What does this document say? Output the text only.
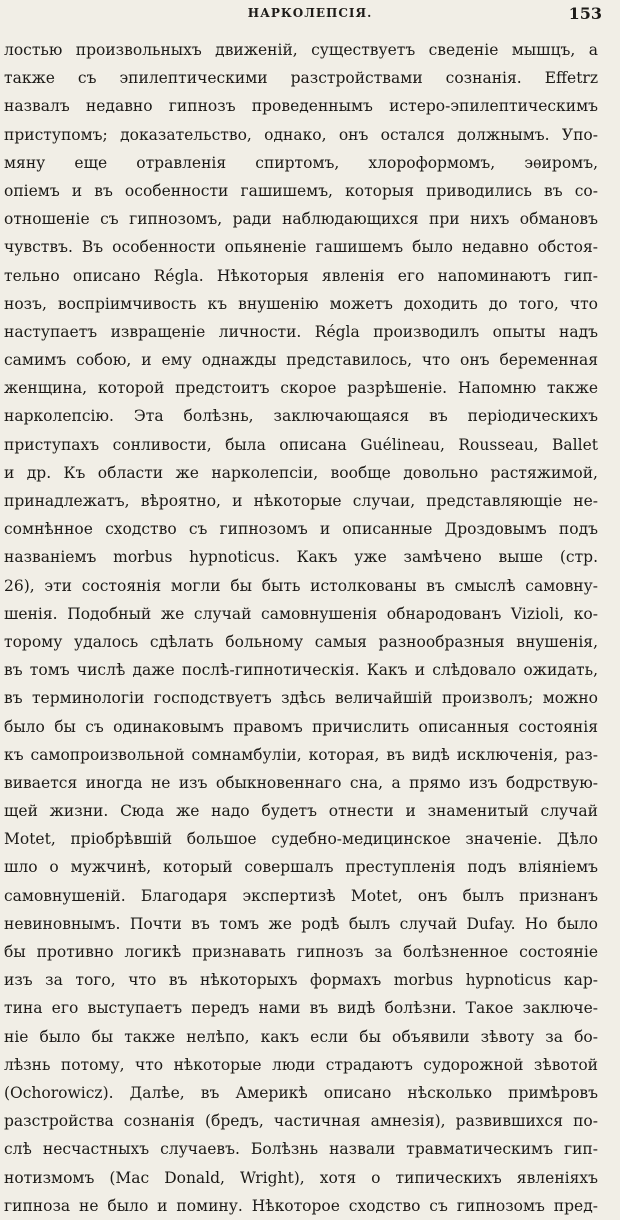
НАРКОЛЕПСІЯ.	153
лостью произвольныхъ движеній, существуетъ сведеніе мышцъ, а
также съ эпилептическими разстройствами сознанія. Effetrz
назвалъ недавно гипнозъ проведеннымъ истеро-эпилептическимъ
приступомъ; доказательство, однако, онъ остался должнымъ. Упо-
мяну еще отравленія спиртомъ, хлороформомъ, эѳиромъ,
опіемъ и въ особенности гашишемъ, которыя приводились въ со-
отношеніе съ гипнозомъ, ради наблюдающихся при нихъ обмановъ
чувствъ. Въ особенности опьяненіе гашишемъ было недавно обстоя-
тельно описано Régla. Нѣкоторыя явленія его напоминаютъ гип-
нозъ, воспріимчивость къ внушенію можетъ доходить до того, что
наступаетъ извращеніе личности. Régla производилъ опыты надъ
самимъ собою, и ему однажды представилось, что онъ беременная
женщина, которой предстоитъ скорое разрѣшеніе. Напомню также
нарколепсію. Эта болѣзнь, заключающаяся въ періодическихъ
приступахъ сонливости, была описана Guélineau, Rousseau, Ballet
и др. Къ области же нарколепсіи, вообще довольно растяжимой,
принадлежатъ, вѣроятно, и нѣкоторые случаи, представляющіе не-
сомнѣнное сходство съ гипнозомъ и описанные Дроздовымъ подъ
названіемъ morbus hypnoticus. Какъ уже замѣчено выше (стр.
26), эти состоянія могли бы быть истолкованы въ смыслѣ самовну-
шенія. Подобный же случай самовнушенія обнародованъ Vizioli, ко-
торому удалось сдѣлать больному самыя разнообразныя внушенія,
въ томъ числѣ даже послѣ-гипнотическія. Какъ и слѣдовало ожидать,
въ терминологіи господствуетъ здѣсь величайшій произволъ; можно
было бы съ одинаковымъ правомъ причислить описанныя состоянія
къ самопроизвольной сомнамбуліи, которая, въ видѣ исключенія, раз-
вивается иногда не изъ обыкновеннаго сна, а прямо изъ бодрствую-
щей жизни. Сюда же надо будетъ отнести и знаменитый случай
Motet, пріобрѣвшій большое судебно-медицинское значеніе. Дѣло
шло о мужчинѣ, который совершалъ преступленія подъ вліяніемъ
самовнушеній. Благодаря экспертизѣ Motet, онъ былъ признанъ
невиновнымъ. Почти въ томъ же родѣ былъ случай Dufay. Но было
бы противно логикѣ признавать гипнозъ за болѣзненное состояніе
изъ за того, что въ нѣкоторыхъ формахъ morbus hypnoticus кар-
тина его выступаетъ передъ нами въ видѣ болѣзни. Такое заключе-
ніе было бы также нелѣпо, какъ если бы объявили зѣвоту за бо-
лѣзнь потому, что нѣкоторые люди страдаютъ судорожной зѣвотой
(Ochorowicz). Далѣе, въ Америкѣ описано нѣсколько примѣровъ
разстройства сознанія (бредъ, частичная амнезія), развившихся по-
слѣ несчастныхъ случаевъ. Болѣзнь назвали травматическимъ гип-
нотизмомъ (Mac Donald, Wright), хотя о типическихъ явленіяхъ
гипноза не было и помину. Нѣкоторое сходство съ гипнозомъ пред-
